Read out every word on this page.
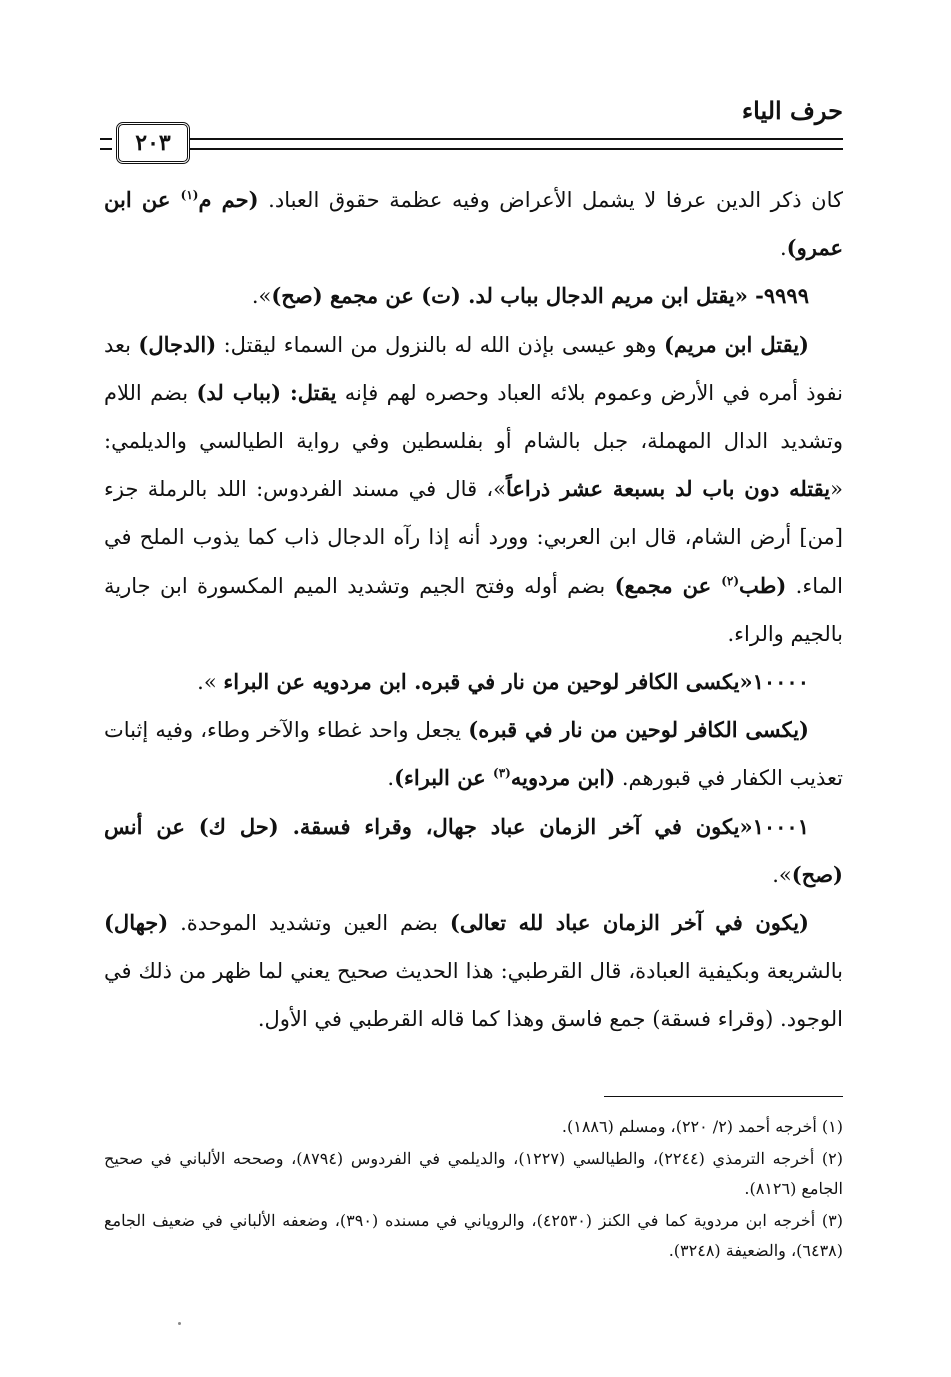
حرف الياء
٢٠٣

كان ذكر الدين عرفا لا يشمل الأعراض وفيه عظمة حقوق العباد. (حم م$^{(١)}$ عن ابن عمرو).

٩٩٩٩- «يقتل ابن مريم الدجال بباب لد. (ت) عن مجمع (صح)».

(يقتل ابن مريم) وهو عيسى بإذن الله له بالنزول من السماء ليقتل: (الدجال) بعد نفوذ أمره في الأرض وعموم بلائه العباد وحصره لهم فإنه يقتل: (بباب لد) بضم اللام وتشديد الدال المهملة، جبل بالشام أو بفلسطين وفي رواية الطيالسي والديلمي: «يقتله دون باب لد بسبعة عشر ذراعاً»، قال في مسند الفردوس: اللد بالرملة جزء [من] أرض الشام، قال ابن العربي: وورد أنه إذا رآه الدجال ذاب كما يذوب الملح في الماء. (طب$^{(٢)}$ عن مجمع) بضم أوله وفتح الجيم وتشديد الميم المكسورة ابن جارية بالجيم والراء.

١٠٠٠٠«يكسى الكافر لوحين من نار في قبره. ابن مردويه عن البراء ».

(يكسى الكافر لوحين من نار في قبره) يجعل واحد غطاء والآخر وطاء، وفيه إثبات تعذيب الكفار في قبورهم. (ابن مردويه$^{(٣)}$ عن البراء).

١٠٠٠١«يكون في آخر الزمان عباد جهال، وقراء فسقة. (حل ك) عن أنس (صح)».

(يكون في آخر الزمان عباد لله تعالى) بضم العين وتشديد الموحدة. (جهال) بالشريعة وبكيفية العبادة، قال القرطبي: هذا الحديث صحيح يعني لما ظهر من ذلك في الوجود. (وقراء فسقة) جمع فاسق وهذا كما قاله القرطبي في الأول.

(١) أخرجه أحمد (٢/ ٢٢٠)، ومسلم (١٨٨٦).

(٢) أخرجه الترمذي (٢٢٤٤)، والطيالسي (١٢٢٧)، والديلمي في الفردوس (٨٧٩٤)، وصححه الألباني في صحيح الجامع (٨١٢٦).

(٣) أخرجه ابن مردوية كما في الكنز (٤٢٥٣٠)، والروياني في مسنده (٣٩٠)، وضعفه الألباني في ضعيف الجامع (٦٤٣٨)، والضعيفة (٣٢٤٨).
